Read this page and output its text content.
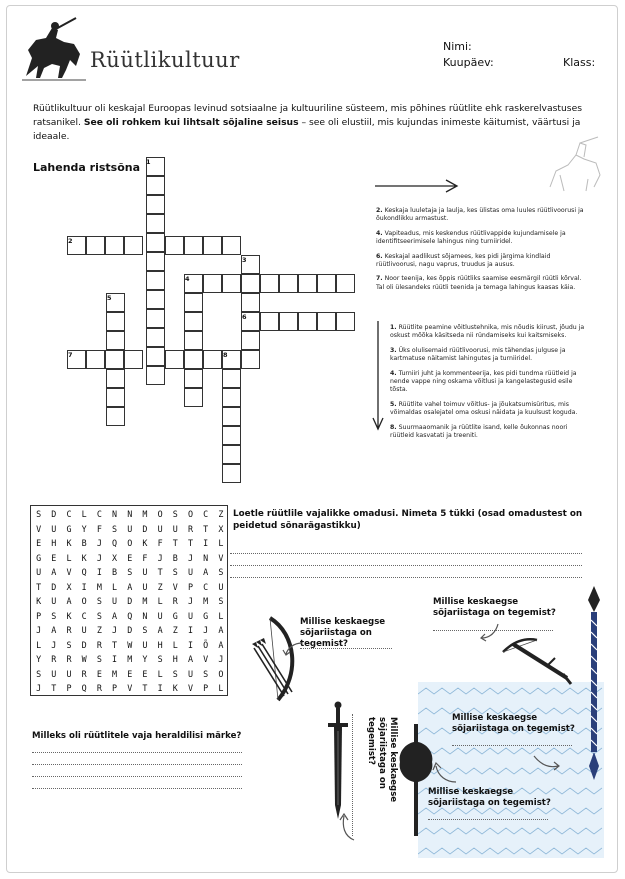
Rüütlikultuur
Nimi:
Kuupäev:	Klass:
Rüütlikultuur oli keskajal Euroopas levinud sotsiaalne ja kultuuriline süsteem, mis põhines rüütlite ehk raskerelvastuses ratsanikel. See oli rohkem kui lihtsalt sõjaline seisus – see oli elustiil, mis kujundas inimeste käitumist, väärtusi ja ideaale.
Lahenda ristsõna 1
2
3
4
5
6
7	8
2. Keskaja luuletaja ja laulja, kes ülistas oma luules rüütlivoorusi ja õukondlikku armastust.
4. Vapiteadus, mis keskendus rüütlivappide kujundamisele ja identifitseerimisele lahingus ning turniiridel.
6. Keskajal aadlikust sõjamees, kes pidi järgima kindlaid rüütlivoorusi, nagu vaprus, truudus ja ausus.
7. Noor teenija, kes õppis rüütliks saamise eesmärgil rüütli kõrval. Tal oli ülesandeks rüütli teenida ja temaga lahingus kaasas käia.
1. Rüütlite peamine võitlustehnika, mis nõudis kiirust, jõudu ja oskust mõõka käsitseda nii ründamiseks kui kaitsmiseks.
3. Üks olulisemaid rüütlivoorusi, mis tähendas julguse ja kartmatuse näitamist lahingutes ja turniiridel.
4. Turniiri juht ja kommenteerija, kes pidi tundma rüütleid ja nende vappe ning oskama võitlusi ja kangelastegusid esile tõsta.
5. Rüütlite vahel toimuv võitlus- ja jõukatsumisüritus, mis võimaldas osalejatel oma oskusi näidata ja kuulsust koguda.
8. Suurmaaomanik ja rüütlite isand, kelle õukonnas noori rüütleid kasvatati ja treeniti.
S D C L C N N M O S O C Z
V U G Y F S U D U U R T X
E H K B J Q O K F T T I L
G E L K J X E F J B J N V
U A V Q I B S U T S U A S
T D X I M L A U Z V P C U
K U A O S U D M L R J M S
P S K C S A Q N U G U G L
J A R U Z J D S A Z I J A
L J S D R T W U H L I Õ A
Y R R W S I M Y S H A V J
S U U R E M E E L S U S O
J T P Q R P V T I K V P L
Loetle rüütlile vajalikke omadusi. Nimeta 5 tükki (osad omadustest on peidetud sõnarägastikku)
Milleks oli rüütlitele vaja heraldilisi märke?
Millise keskaegse sõjariistaga on tegemist?
Millise keskaegse sõjariistaga on tegemist?
Millise keskaegse sõjariistaga on tegemist?	Millise keskaegse sõjariistaga on tegemist?
Millise keskaegse sõjariistaga on tegemist?
